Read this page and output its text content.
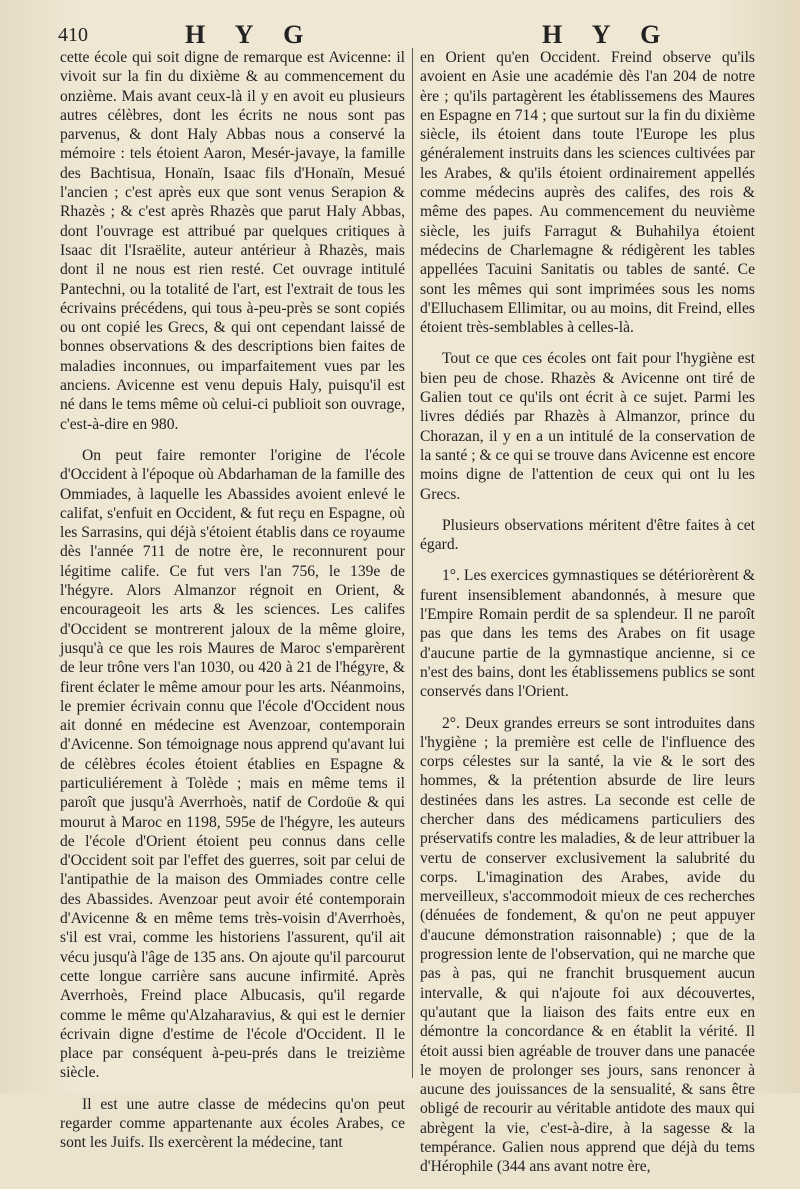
410	H Y G	H Y G

cette école qui soit digne de remarque est Avicenne: il vivoit sur la fin du dixième & au commencement du onzième. Mais avant ceux-là il y en avoit eu plusieurs autres célèbres, dont les écrits ne nous sont pas parvenus, & dont Haly Abbas nous a conservé la mémoire : tels étoient Aaron, Mesér-javaye, la famille des Bachtisua, Honaïn, Isaac fils d'Honaïn, Mesué l'ancien ; c'est après eux que sont venus Serapion & Rhazès ; & c'est après Rhazès que parut Haly Abbas, dont l'ouvrage est attribué par quelques critiques à Isaac dit l'Israëlite, auteur antérieur à Rhazès, mais dont il ne nous est rien resté. Cet ouvrage intitulé Pantechni, ou la totalité de l'art, est l'extrait de tous les écrivains précédens, qui tous à-peu-près se sont copiés ou ont copié les Grecs, & qui ont cependant laissé de bonnes observations & des descriptions bien faites de maladies inconnues, ou imparfaitement vues par les anciens. Avicenne est venu depuis Haly, puisqu'il est né dans le tems même où celui-ci publioit son ouvrage, c'est-à-dire en 980.

On peut faire remonter l'origine de l'école d'Occident à l'époque où Abdarhaman de la famille des Ommiades, à laquelle les Abassides avoient enlevé le califat, s'enfuit en Occident, & fut reçu en Espagne, où les Sarrasins, qui déjà s'étoient établis dans ce royaume dès l'année 711 de notre ère, le reconnurent pour légitime calife. Ce fut vers l'an 756, le 139e de l'hégyre. Alors Almanzor régnoit en Orient, & encourageoit les arts & les sciences. Les califes d'Occident se montrerent jaloux de la même gloire, jusqu'à ce que les rois Maures de Maroc s'emparèrent de leur trône vers l'an 1030, ou 420 à 21 de l'hégyre, & firent éclater le même amour pour les arts. Néanmoins, le premier écrivain connu que l'école d'Occident nous ait donné en médecine est Avenzoar, contemporain d'Avicenne. Son témoignage nous apprend qu'avant lui de célèbres écoles étoient établies en Espagne & particuliérement à Tolède ; mais en même tems il paroît que jusqu'à Averrhoès, natif de Cordoüe & qui mourut à Maroc en 1198, 595e de l'hégyre, les auteurs de l'école d'Orient étoient peu connus dans celle d'Occident soit par l'effet des guerres, soit par celui de l'antipathie de la maison des Ommiades contre celle des Abassides. Avenzoar peut avoir été contemporain d'Avicenne & en même tems très-voisin d'Averrhoès, s'il est vrai, comme les historiens l'assurent, qu'il ait vécu jusqu'à l'âge de 135 ans. On ajoute qu'il parcourut cette longue carrière sans aucune infirmité. Après Averrhoès, Freind place Albucasis, qu'il regarde comme le même qu'Alzaharavius, & qui est le dernier écrivain digne d'estime de l'école d'Occident. Il le place par conséquent à-peu-prés dans le treizième siècle.

Il est une autre classe de médecins qu'on peut regarder comme appartenante aux écoles Arabes, ce sont les Juifs. Ils exercèrent la médecine, tant

en Orient qu'en Occident. Freind observe qu'ils avoient en Asie une académie dès l'an 204 de notre ère ; qu'ils partagèrent les établissemens des Maures en Espagne en 714 ; que surtout sur la fin du dixième siècle, ils étoient dans toute l'Europe les plus généralement instruits dans les sciences cultivées par les Arabes, & qu'ils étoient ordinairement appellés comme médecins auprès des califes, des rois & même des papes. Au commencement du neuvième siècle, les juifs Farragut & Buhahilya étoient médecins de Charlemagne & rédigèrent les tables appellées Tacuini Sanitatis ou tables de santé. Ce sont les mêmes qui sont imprimées sous les noms d'Elluchasem Ellimitar, ou au moins, dit Freind, elles étoient très-semblables à celles-là.

Tout ce que ces écoles ont fait pour l'hygiène est bien peu de chose. Rhazès & Avicenne ont tiré de Galien tout ce qu'ils ont écrit à ce sujet. Parmi les livres dédiés par Rhazès à Almanzor, prince du Chorazan, il y en a un intitulé de la conservation de la santé ; & ce qui se trouve dans Avicenne est encore moins digne de l'attention de ceux qui ont lu les Grecs.

Plusieurs observations méritent d'être faites à cet égard.

1°. Les exercices gymnastiques se détériorèrent & furent insensiblement abandonnés, à mesure que l'Empire Romain perdit de sa splendeur. Il ne paroît pas que dans les tems des Arabes on fit usage d'aucune partie de la gymnastique ancienne, si ce n'est des bains, dont les établissemens publics se sont conservés dans l'Orient.

2°. Deux grandes erreurs se sont introduites dans l'hygiène ; la première est celle de l'influence des corps célestes sur la santé, la vie & le sort des hommes, & la prétention absurde de lire leurs destinées dans les astres. La seconde est celle de chercher dans des médicamens particuliers des préservatifs contre les maladies, & de leur attribuer la vertu de conserver exclusivement la salubrité du corps. L'imagination des Arabes, avide du merveilleux, s'accommodoit mieux de ces recherches (dénuées de fondement, & qu'on ne peut appuyer d'aucune démonstration raisonnable) ; que de la progression lente de l'observation, qui ne marche que pas à pas, qui ne franchit brusquement aucun intervalle, & qui n'ajoute foi aux découvertes, qu'autant que la liaison des faits entre eux en démontre la concordance & en établit la vérité. Il étoit aussi bien agréable de trouver dans une panacée le moyen de prolonger ses jours, sans renoncer à aucune des jouissances de la sensualité, & sans être obligé de recourir au véritable antidote des maux qui abrègent la vie, c'est-à-dire, à la sagesse & la tempérance. Galien nous apprend que déjà du tems d'Hérophile (344 ans avant notre ère,
